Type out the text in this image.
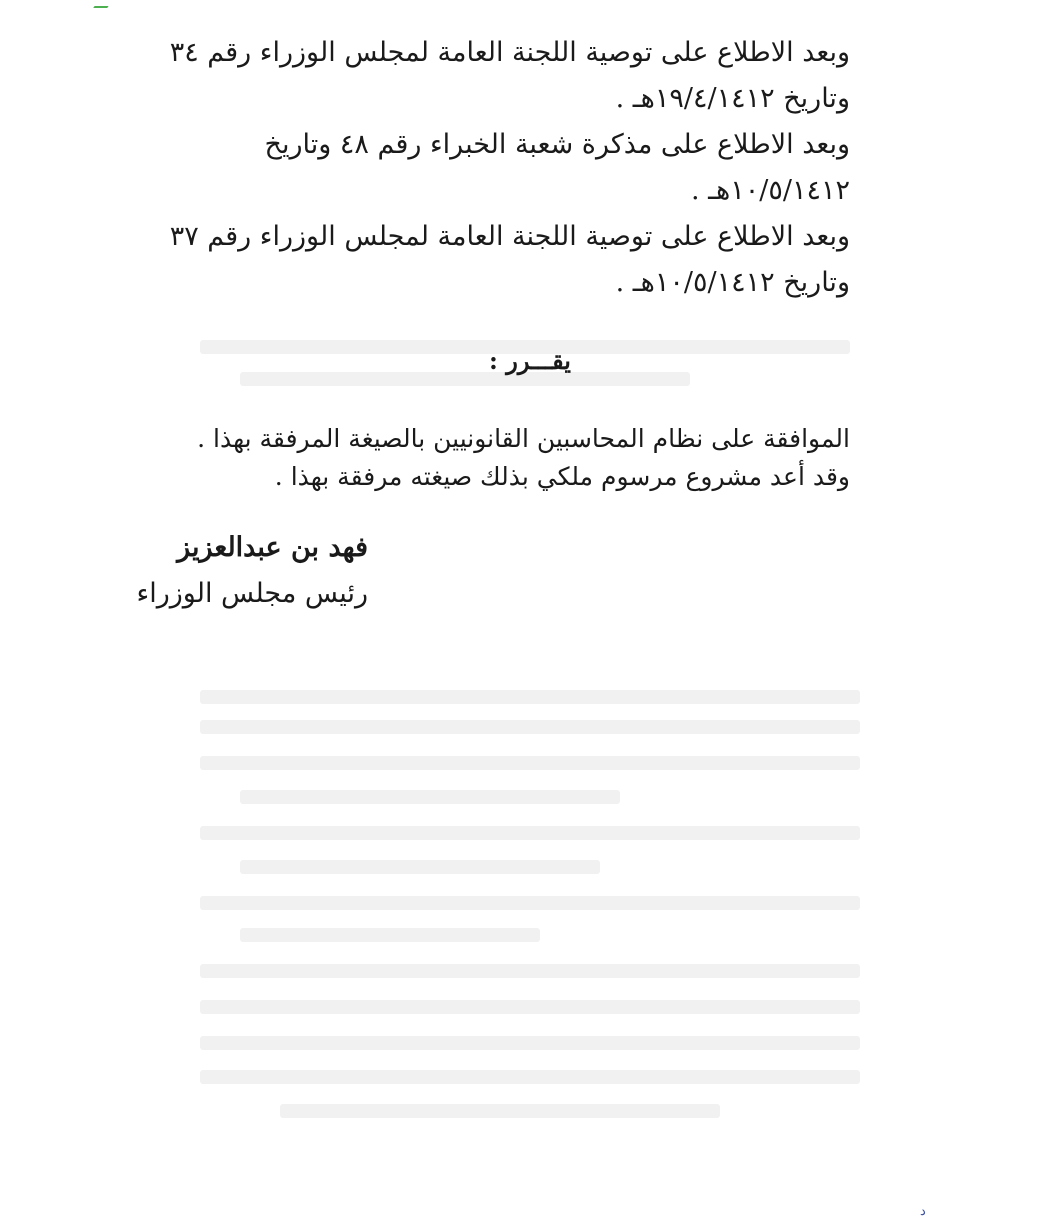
وبعد الاطلاع على توصية اللجنة العامة لمجلس الوزراء رقم ٣٤ وتاريخ ١٩/٤/١٤١٢هـ .

وبعد الاطلاع على مذكرة شعبة الخبراء رقم ٤٨ وتاريخ ١٠/٥/١٤١٢هـ .

وبعد الاطلاع على توصية اللجنة العامة لمجلس الوزراء رقم ٣٧ وتاريخ ١٠/٥/١٤١٢هـ .

يقـــرر :

الموافقة على نظام المحاسبين القانونيين بالصيغة المرفقة بهذا .

وقد أعد مشروع مرسوم ملكي بذلك صيغته مرفقة بهذا .

فهد بن عبدالعزيز

رئيس مجلس الوزراء

د
